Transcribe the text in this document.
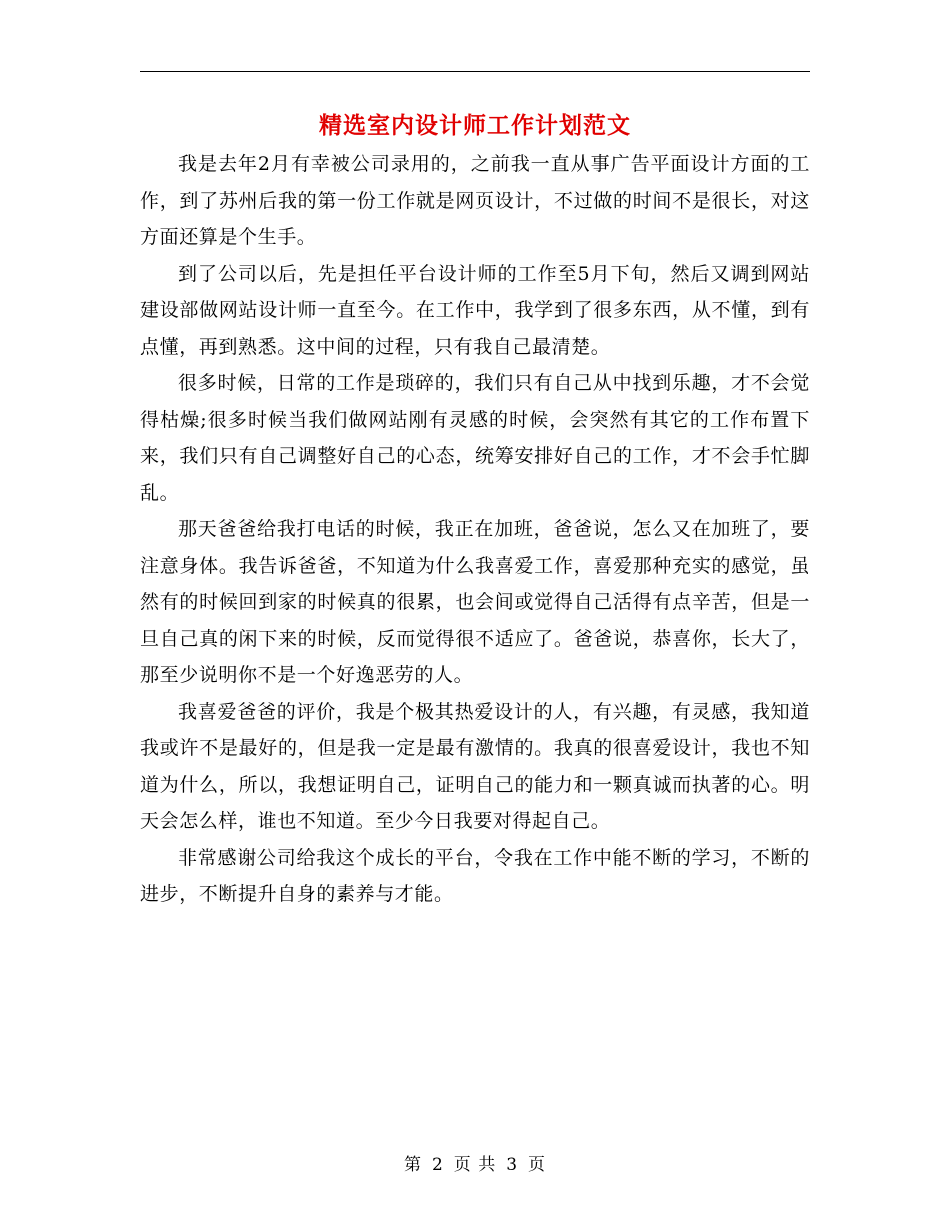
精选室内设计师工作计划范文

我是去年2月有幸被公司录用的，之前我一直从事广告平面设计方面的工作，到了苏州后我的第一份工作就是网页设计，不过做的时间不是很长，对这方面还算是个生手。

到了公司以后，先是担任平台设计师的工作至5月下旬，然后又调到网站建设部做网站设计师一直至今。在工作中，我学到了很多东西，从不懂，到有点懂，再到熟悉。这中间的过程，只有我自己最清楚。

很多时候，日常的工作是琐碎的，我们只有自己从中找到乐趣，才不会觉得枯燥;很多时候当我们做网站刚有灵感的时候，会突然有其它的工作布置下来，我们只有自己调整好自己的心态，统筹安排好自己的工作，才不会手忙脚乱。

那天爸爸给我打电话的时候，我正在加班，爸爸说，怎么又在加班了，要注意身体。我告诉爸爸，不知道为什么我喜爱工作，喜爱那种充实的感觉，虽然有的时候回到家的时候真的很累，也会间或觉得自己活得有点辛苦，但是一旦自己真的闲下来的时候，反而觉得很不适应了。爸爸说，恭喜你，长大了，那至少说明你不是一个好逸恶劳的人。

我喜爱爸爸的评价，我是个极其热爱设计的人，有兴趣，有灵感，我知道我或许不是最好的，但是我一定是最有激情的。我真的很喜爱设计，我也不知道为什么，所以，我想证明自己，证明自己的能力和一颗真诚而执著的心。明天会怎么样，谁也不知道。至少今日我要对得起自己。

非常感谢公司给我这个成长的平台，令我在工作中能不断的学习，不断的进步，不断提升自身的素养与才能。

第 2 页 共 3 页
